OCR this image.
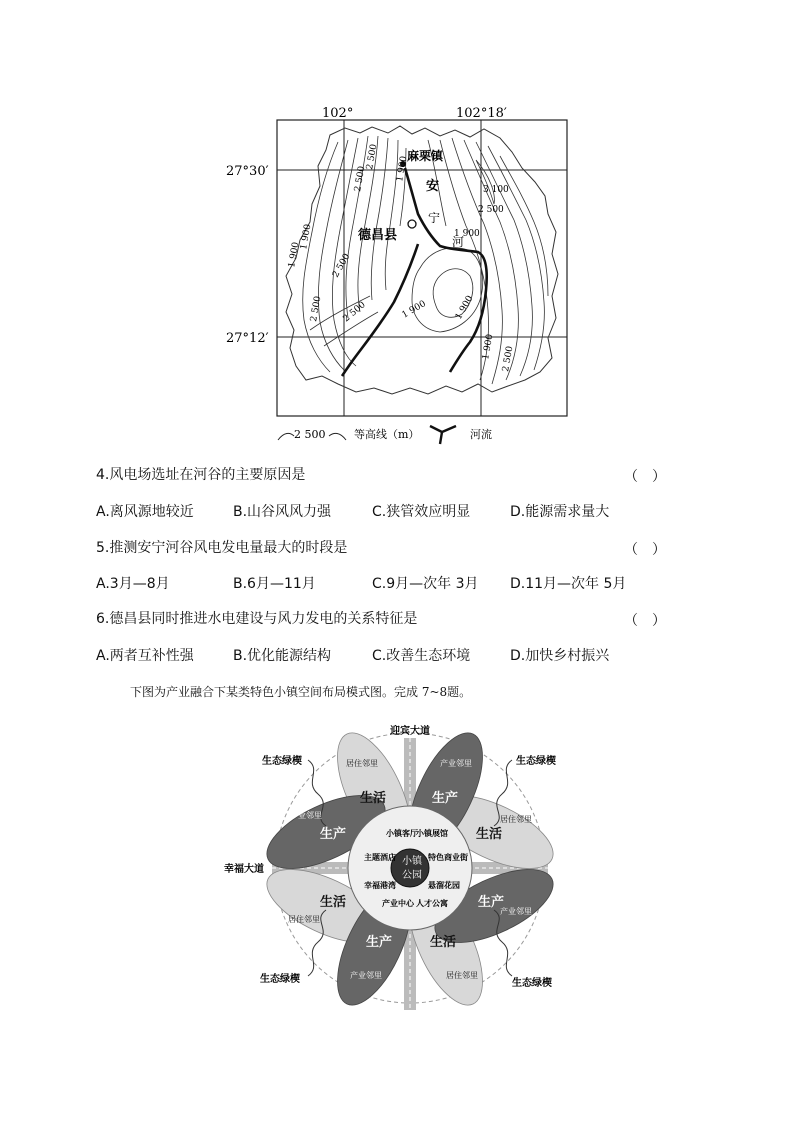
102°	102°18′
27°30′
27°12′
麻栗镇
德昌县
安
宁
河
2 500
2 500
2 500 2 500
2 500
1 900
1 900
1 900
1 900	1 900
1 900
3 100
2 500
1 900
2 500
2 500	等高线（m）	河流
4.风电场选址在河谷的主要原因是	（　）
A.离风源地较近	B.山谷风风力强	C.狭管效应明显	D.能源需求量大
5.推测安宁河谷风电发电量最大的时段是	（　）
A.3月—8月	B.6月—11月	C.9月—次年 3月 D.11月—次年 5月
6.德昌县同时推进水电建设与风力发电的关系特征是	（　）
A.两者互补性强	B.优化能源结构	C.改善生态环境	D.加快乡村振兴
下图为产业融合下某类特色小镇空间布局模式图。完成 7~8题。
迎宾大道
幸福大道
生态绿楔	生态绿楔
生态绿楔	生态绿楔
小镇
公园
生活	生产
生活
生产
生产
生活
生产	生活
居住邻里	产业邻里
居住邻里
产业邻里
产业邻里
居住邻里
产业邻里	居住邻里
小镇客厅
小镇展馆
主题酒店	特色商业街
幸福港湾	悬溜花园
产业中心 人才公寓
